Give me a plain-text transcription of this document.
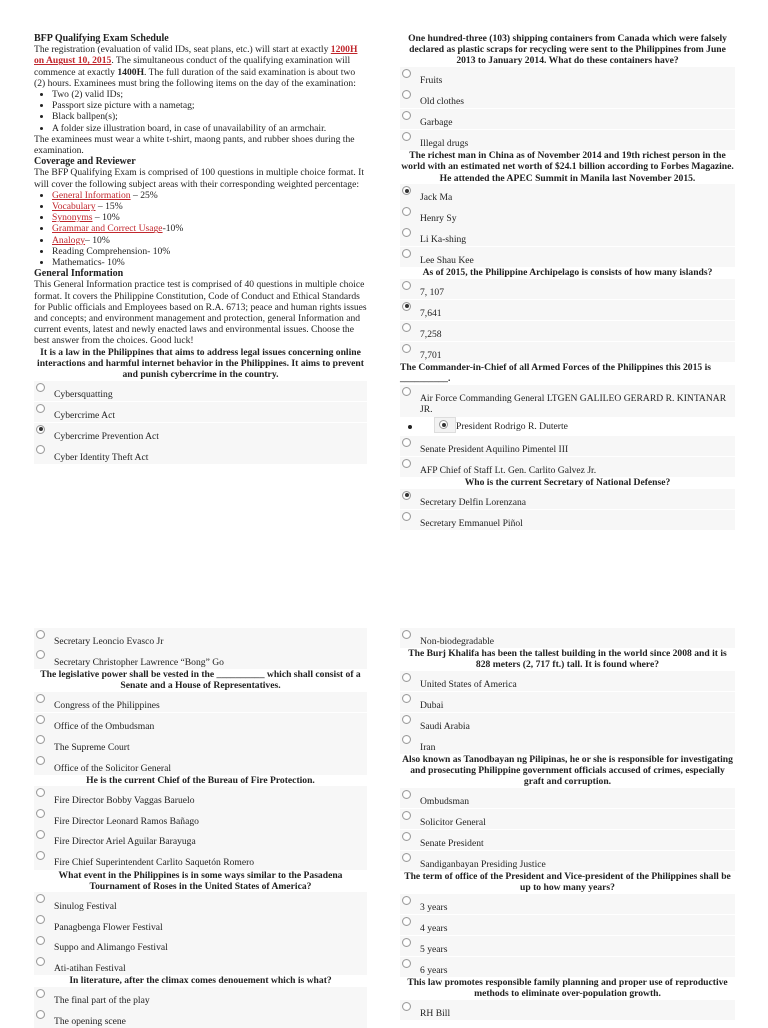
BFP Qualifying Exam Schedule

The registration (evaluation of valid IDs, seat plans, etc.) will start at exactly 1200H on August 10, 2015. The simultaneous conduct of the qualifying examination will commence at exactly 1400H. The full duration of the said examination is about two (2) hours. Examinees must bring the following items on the day of the examination:

• Two (2) valid IDs;
• Passport size picture with a nametag;
• Black ballpen(s);
• A folder size illustration board, in case of unavailability of an armchair.

The examinees must wear a white t-shirt, maong pants, and rubber shoes during the examination.

Coverage and Reviewer

The BFP Qualifying Exam is comprised of 100 questions in multiple choice format. It will cover the following subject areas with their corresponding weighted percentage:

• General Information – 25%
• Vocabulary – 15%
• Synonyms – 10%
• Grammar and Correct Usage-10%
• Analogy– 10%
• Reading Comprehension- 10%
• Mathematics- 10%
General Information

This General Information practice test is comprised of 40 questions in multiple choice format. It covers the Philippine Constitution, Code of Conduct and Ethical Standards for Public officials and Employees based on R.A. 6713; peace and human rights issues and concepts; and environment management and protection, general Information and current events, latest and newly enacted laws and environmental issues. Choose the best answer from the choices. Good luck!

It is a law in the Philippines that aims to address legal issues concerning online interactions and harmful internet behavior in the Philippines. It aims to prevent and punish cybercrime in the country.

Cybersquatting
Cybercrime Act
Cybercrime Prevention Act
Cyber Identity Theft Act

One hundred-three (103) shipping containers from Canada which were falsely declared as plastic scraps for recycling were sent to the Philippines from June 2013 to January 2014. What do these containers have?

Fruits
Old clothes
Garbage
Illegal drugs

The richest man in China as of November 2014 and 19th richest person in the world with an estimated net worth of $24.1 billion according to Forbes Magazine. He attended the APEC Summit in Manila last November 2015.

Jack Ma
Henry Sy
Li Ka-shing
Lee Shau Kee

As of 2015, the Philippine Archipelago is consists of how many islands?

7, 107
7,641
7,258
7,701

The Commander-in-Chief of all Armed Forces of the Philippines this 2015 is __________.

Air Force Commanding General LTGEN GALILEO GERARD R. KINTANAR JR.
President Rodrigo R. Duterte
Senate President Aquilino Pimentel III
AFP Chief of Staff Lt. Gen. Carlito Galvez Jr.

Who is the current Secretary of National Defense?

Secretary Delfin Lorenzana
Secretary Emmanuel Piñol
Secretary Leoncio Evasco Jr
Secretary Christopher Lawrence “Bong” Go

The legislative power shall be vested in the __________ which shall consist of a Senate and a House of Representatives.

Congress of the Philippines
Office of the Ombudsman
The Supreme Court
Office of the Solicitor General

He is the current Chief of the Bureau of Fire Protection.

Fire Director Bobby Vaggas Baruelo
Fire Director Leonard Ramos Bañago
Fire Director Ariel Aguilar Barayuga
Fire Chief Superintendent Carlito Saquetón Romero

What event in the Philippines is in some ways similar to the Pasadena Tournament of Roses in the United States of America?

Sinulog Festival
Panagbenga Flower Festival
Suppo and Alimango Festival
Ati-atihan Festival

In literature, after the climax comes denouement which is what?

The final part of the play
The opening scene
Non-biodegradable

The Burj Khalifa has been the tallest building in the world since 2008 and it is 828 meters (2, 717 ft.) tall. It is found where?

United States of America
Dubai
Saudi Arabia
Iran

Also known as Tanodbayan ng Pilipinas, he or she is responsible for investigating and prosecuting Philippine government officials accused of crimes, especially graft and corruption.

Ombudsman
Solicitor General
Senate President
Sandiganbayan Presiding Justice

The term of office of the President and Vice-president of the Philippines shall be up to how many years?

3 years
4 years
5 years
6 years

This law promotes responsible family planning and proper use of reproductive methods to eliminate over-population growth.

RH Bill
